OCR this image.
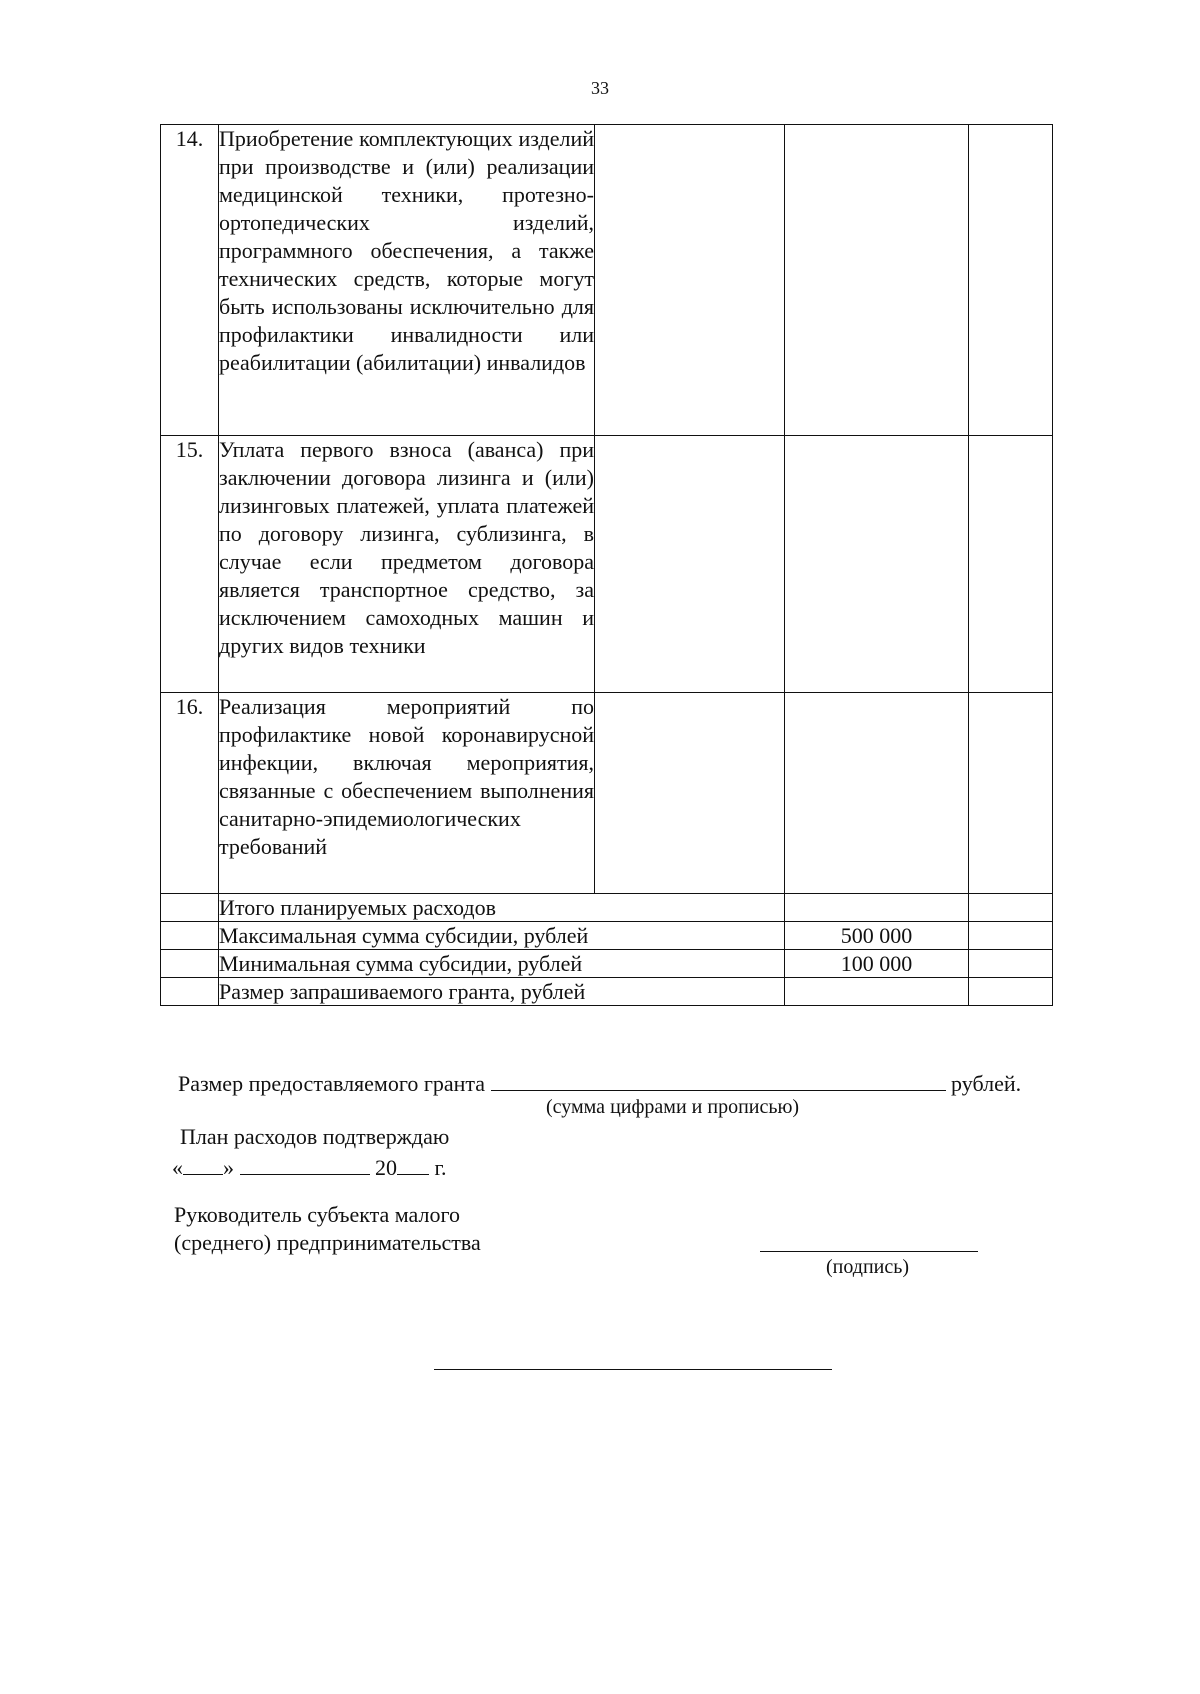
33
14.	Приобретение комплектующих изделий при производстве и (или) реализации медицинской техники, протезно-ортопедических изделий, программного обеспечения, а также технических средств, которые могут быть использованы исключительно для профилактики инвалидности или реабилитации (абилитации) инвалидов			
15.	Уплата первого взноса (аванса) при заключении договора лизинга и (или) лизинговых платежей, уплата платежей по договору лизинга, сублизинга, в случае если предметом договора является транспортное средство, за исключением самоходных машин и других видов техники			
16.	Реализация мероприятий по профилактике новой коронавирусной инфекции, включая мероприятия, связанные с обеспечением выполнения санитарно-эпидемиологических требований			
	Итого планируемых расходов			
	Максимальная сумма субсидии, рублей		500 000	
	Минимальная сумма субсидии, рублей		100 000	
	Размер запрашиваемого гранта, рублей			
Размер предоставляемого гранта	рублей.
(сумма цифрами и прописью)
План расходов подтверждаю
« »	20 г.
Руководитель субъекта малого
(среднего) предпринимательства
(подпись)
